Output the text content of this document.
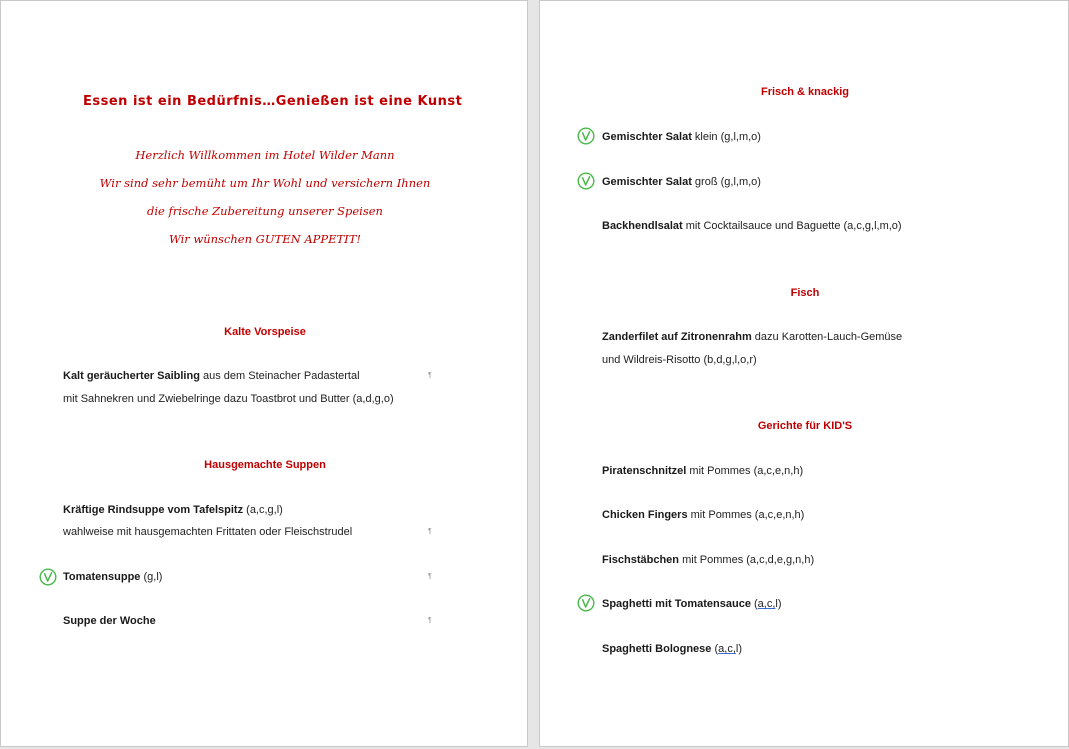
Essen ist ein Bedürfnis…Genießen ist eine Kunst
Herzlich Willkommen im Hotel Wilder Mann
Wir sind sehr bemüht um Ihr Wohl und versichern Ihnen
die frische Zubereitung unserer Speisen
Wir wünschen GUTEN APPETIT!
Kalte Vorspeise
Kalt geräucherter Saibling aus dem Steinacher Padastertal	¶
mit Sahnekren und Zwiebelringe dazu Toastbrot und Butter (a,d,g,o)
Hausgemachte Suppen
Kräftige Rindsuppe vom Tafelspitz (a,c,g,l)
wahlweise mit hausgemachten Frittaten oder Fleischstrudel	¶
Tomatensuppe (g,l)	¶
Suppe der Woche	¶
Frisch & knackig
Gemischter Salat klein (g,l,m,o)
Gemischter Salat groß (g,l,m,o)
Backhendlsalat mit Cocktailsauce und Baguette (a,c,g,l,m,o)
Fisch
Zanderfilet auf Zitronenrahm dazu Karotten-Lauch-Gemüse
und Wildreis-Risotto (b,d,g,l,o,r)
Gerichte für KID'S
Piratenschnitzel mit Pommes (a,c,e,n,h)
Chicken Fingers mit Pommes (a,c,e,n,h)
Fischstäbchen mit Pommes (a,c,d,e,g,n,h)
Spaghetti mit Tomatensauce (a,c,l)
Spaghetti Bolognese (a,c,l)
